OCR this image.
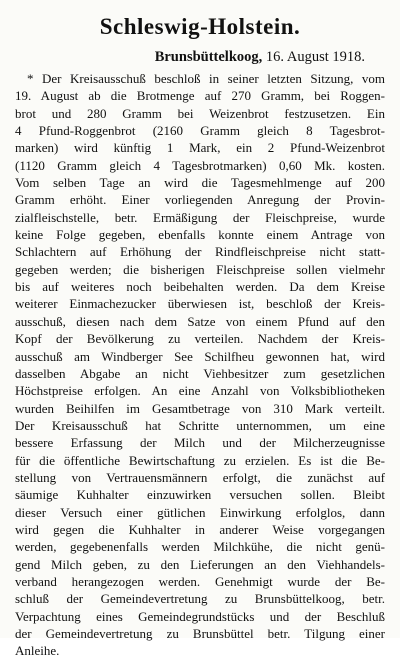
Schleswig-Holstein.
Brunsbüttelkoog, 16. August 1918.
* Der Kreisausschuß beschloß in seiner letzten Sitzung, vom
19. August ab die Brotmenge auf 270 Gramm, bei Roggen-
brot und 280 Gramm bei Weizenbrot festzusetzen. Ein
4 Pfund-Roggenbrot (2160 Gramm gleich 8 Tagesbrot-
marken) wird künftig 1 Mark, ein 2 Pfund-Weizenbrot
(1120 Gramm gleich 4 Tagesbrotmarken) 0,60 Mk. kosten.
Vom selben Tage an wird die Tagesmehlmenge auf 200
Gramm erhöht. Einer vorliegenden Anregung der Provin-
zialfleischstelle, betr. Ermäßigung der Fleischpreise, wurde
keine Folge gegeben, ebenfalls konnte einem Antrage von
Schlachtern auf Erhöhung der Rindfleischpreise nicht statt-
gegeben werden; die bisherigen Fleischpreise sollen vielmehr
bis auf weiteres noch beibehalten werden. Da dem Kreise
weiterer Einmachezucker überwiesen ist, beschloß der Kreis-
ausschuß, diesen nach dem Satze von einem Pfund auf den
Kopf der Bevölkerung zu verteilen. Nachdem der Kreis-
ausschuß am Windberger See Schilfheu gewonnen hat, wird
dasselben Abgabe an nicht Viehbesitzer zum gesetzlichen
Höchstpreise erfolgen. An eine Anzahl von Volksbibliotheken
wurden Beihilfen im Gesamtbetrage von 310 Mark verteilt.
Der Kreisausschuß hat Schritte unternommen, um eine
bessere Erfassung der Milch und der Milcherzeugnisse
für die öffentliche Bewirtschaftung zu erzielen. Es ist die Be-
stellung von Vertrauensmännern erfolgt, die zunächst auf
säumige Kuhhalter einzuwirken versuchen sollen. Bleibt
dieser Versuch einer gütlichen Einwirkung erfolglos, dann
wird gegen die Kuhhalter in anderer Weise vorgegangen
werden, gegebenenfalls werden Milchkühe, die nicht genü-
gend Milch geben, zu den Lieferungen an den Viehhandels-
verband herangezogen werden. Genehmigt wurde der Be-
schluß der Gemeindevertretung zu Brunsbüttelkoog, betr.
Verpachtung eines Gemeindegrundstücks und der Beschluß
der Gemeindevertretung zu Brunsbüttel betr. Tilgung einer
Anleihe.
